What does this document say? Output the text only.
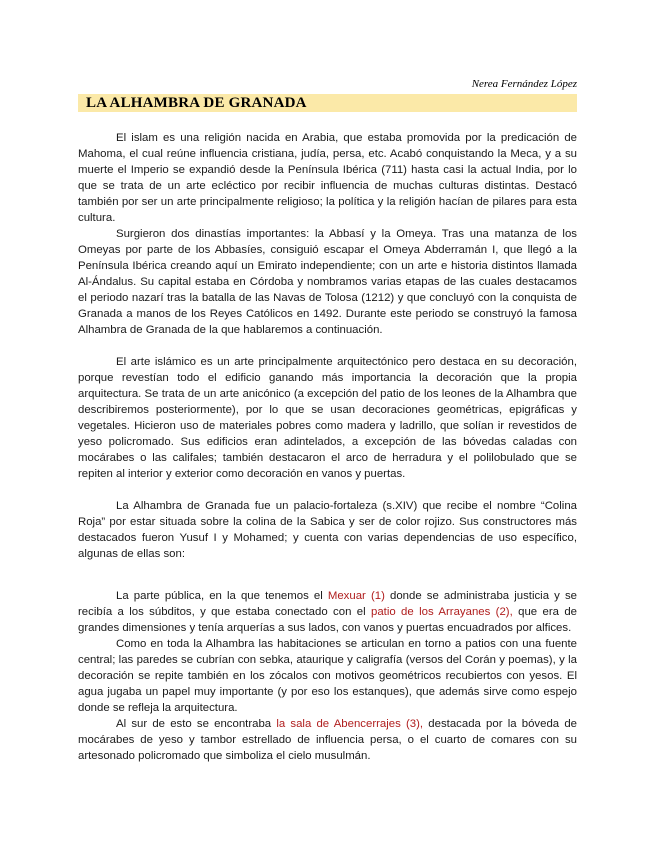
Nerea Fernández López
LA ALHAMBRA DE GRANADA

El islam es una religión nacida en Arabia, que estaba promovida por la predicación de Mahoma, el cual reúne influencia cristiana, judía, persa, etc. Acabó conquistando la Meca, y a su muerte el Imperio se expandió desde la Península Ibérica (711) hasta casi la actual India, por lo que se trata de un arte ecléctico por recibir influencia de muchas culturas distintas. Destacó también por ser un arte principalmente religioso; la política y la religión hacían de pilares para esta cultura.

Surgieron dos dinastías importantes: la Abbasí y la Omeya. Tras una matanza de los Omeyas por parte de los Abbasíes, consiguió escapar el Omeya Abderramán I, que llegó a la Península Ibérica creando aquí un Emirato independiente; con un arte e historia distintos llamada Al-Ándalus. Su capital estaba en Córdoba y nombramos varias etapas de las cuales destacamos el periodo nazarí tras la batalla de las Navas de Tolosa (1212) y que concluyó con la conquista de Granada a manos de los Reyes Católicos en 1492. Durante este periodo se construyó la famosa Alhambra de Granada de la que hablaremos a continuación.

El arte islámico es un arte principalmente arquitectónico pero destaca en su decoración, porque revestían todo el edificio ganando más importancia la decoración que la propia arquitectura. Se trata de un arte anicónico (a excepción del patio de los leones de la Alhambra que describiremos posteriormente), por lo que se usan decoraciones geométricas, epigráficas y vegetales. Hicieron uso de materiales pobres como madera y ladrillo, que solían ir revestidos de yeso policromado. Sus edificios eran adintelados, a excepción de las bóvedas caladas con mocárabes o las califales; también destacaron el arco de herradura y el polilobulado que se repiten al interior y exterior como decoración en vanos y puertas.

La Alhambra de Granada fue un palacio-fortaleza (s.XIV) que recibe el nombre “Colina Roja” por estar situada sobre la colina de la Sabica y ser de color rojizo. Sus constructores más destacados fueron Yusuf I y Mohamed; y cuenta con varias dependencias de uso específico, algunas de ellas son:

La parte pública, en la que tenemos el Mexuar (1) donde se administraba justicia y se recibía a los súbditos, y que estaba conectado con el patio de los Arrayanes (2), que era de grandes dimensiones y tenía arquerías a sus lados, con vanos y puertas encuadrados por alfices.

Como en toda la Alhambra las habitaciones se articulan en torno a patios con una fuente central; las paredes se cubrían con sebka, ataurique y caligrafía (versos del Corán y poemas), y la decoración se repite también en los zócalos con motivos geométricos recubiertos con yesos. El agua jugaba un papel muy importante (y por eso los estanques), que además sirve como espejo donde se refleja la arquitectura.

Al sur de esto se encontraba la sala de Abencerrajes (3), destacada por la bóveda de mocárabes de yeso y tambor estrellado de influencia persa, o el cuarto de comares con su artesonado policromado que simboliza el cielo musulmán.
